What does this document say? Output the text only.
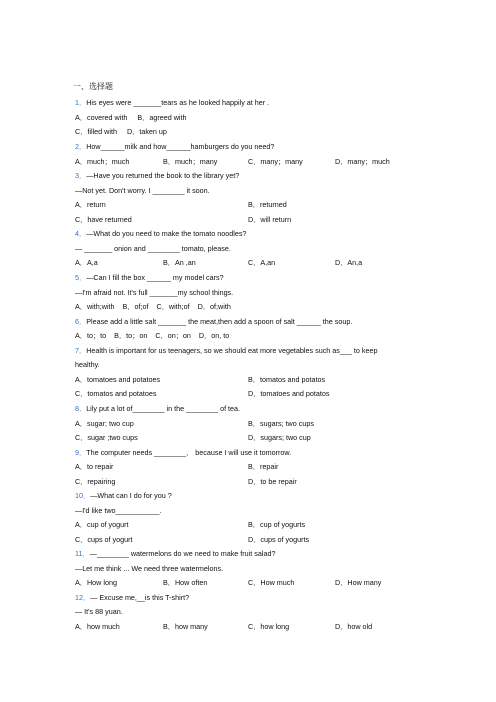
一、选择题
1．His eyes were _______tears as he looked happily at her .
A．covered with B．agreed with
C．filled with D．taken up
2．How______milk and how______hamburgers do you need?
A．much；much	B．much；many	C．many；many	D．many；much
3．—Have you returned the book to the library yet?
—Not yet. Don't worry. I ________ it soon.
A．return	B．returned
C．have returned	D．will return
4．—What do you need to make the tomato noodles?
— _______ onion and ________ tomato, please.
A．A,a	B．An ,an	C．A,an	D．An,a
5．—Can I fill the box ______ my model cars?
—I'm afraid not. It's full _______my school things.
A．with;with B．of;of C．with;of D．of;with
6．Please add a little salt _______ the meat,then add a spoon of salt ______ the soup.
A．to；to B．to；on C．on；on D．on, to
7．Health is important for us teenagers, so we should eat more vegetables such as___ to keep
healthy.
A．tomatoes and potatoes	B．tomatos and potatos
C．tomatos and potatoes	D．tomatoes and potatos
8．Lily put a lot of________ in the ________ of tea.
A．sugar; two cup	B．sugars; two cups
C．sugar ;two cups	D．sugars; two cup
9．The computer needs ________,　because I will use it tomorrow.
A．to repair	B．repair
C．repairing	D．to be repair
10．—What can I do for you ?
—I'd like two___________.
A．cup of yogurt	B．cup of yogurts
C．cups of yogurt	D．cups of yogurts
11．—________ watermelons do we need to make fruit salad?
—Let me think ... We need three watermelons.
A．How long	B．How often	C．How much	D．How many
12．— Excuse me,__is this T-shirt?
— It's 88 yuan.
A．how much	B．how many	C．how long	D．how old
